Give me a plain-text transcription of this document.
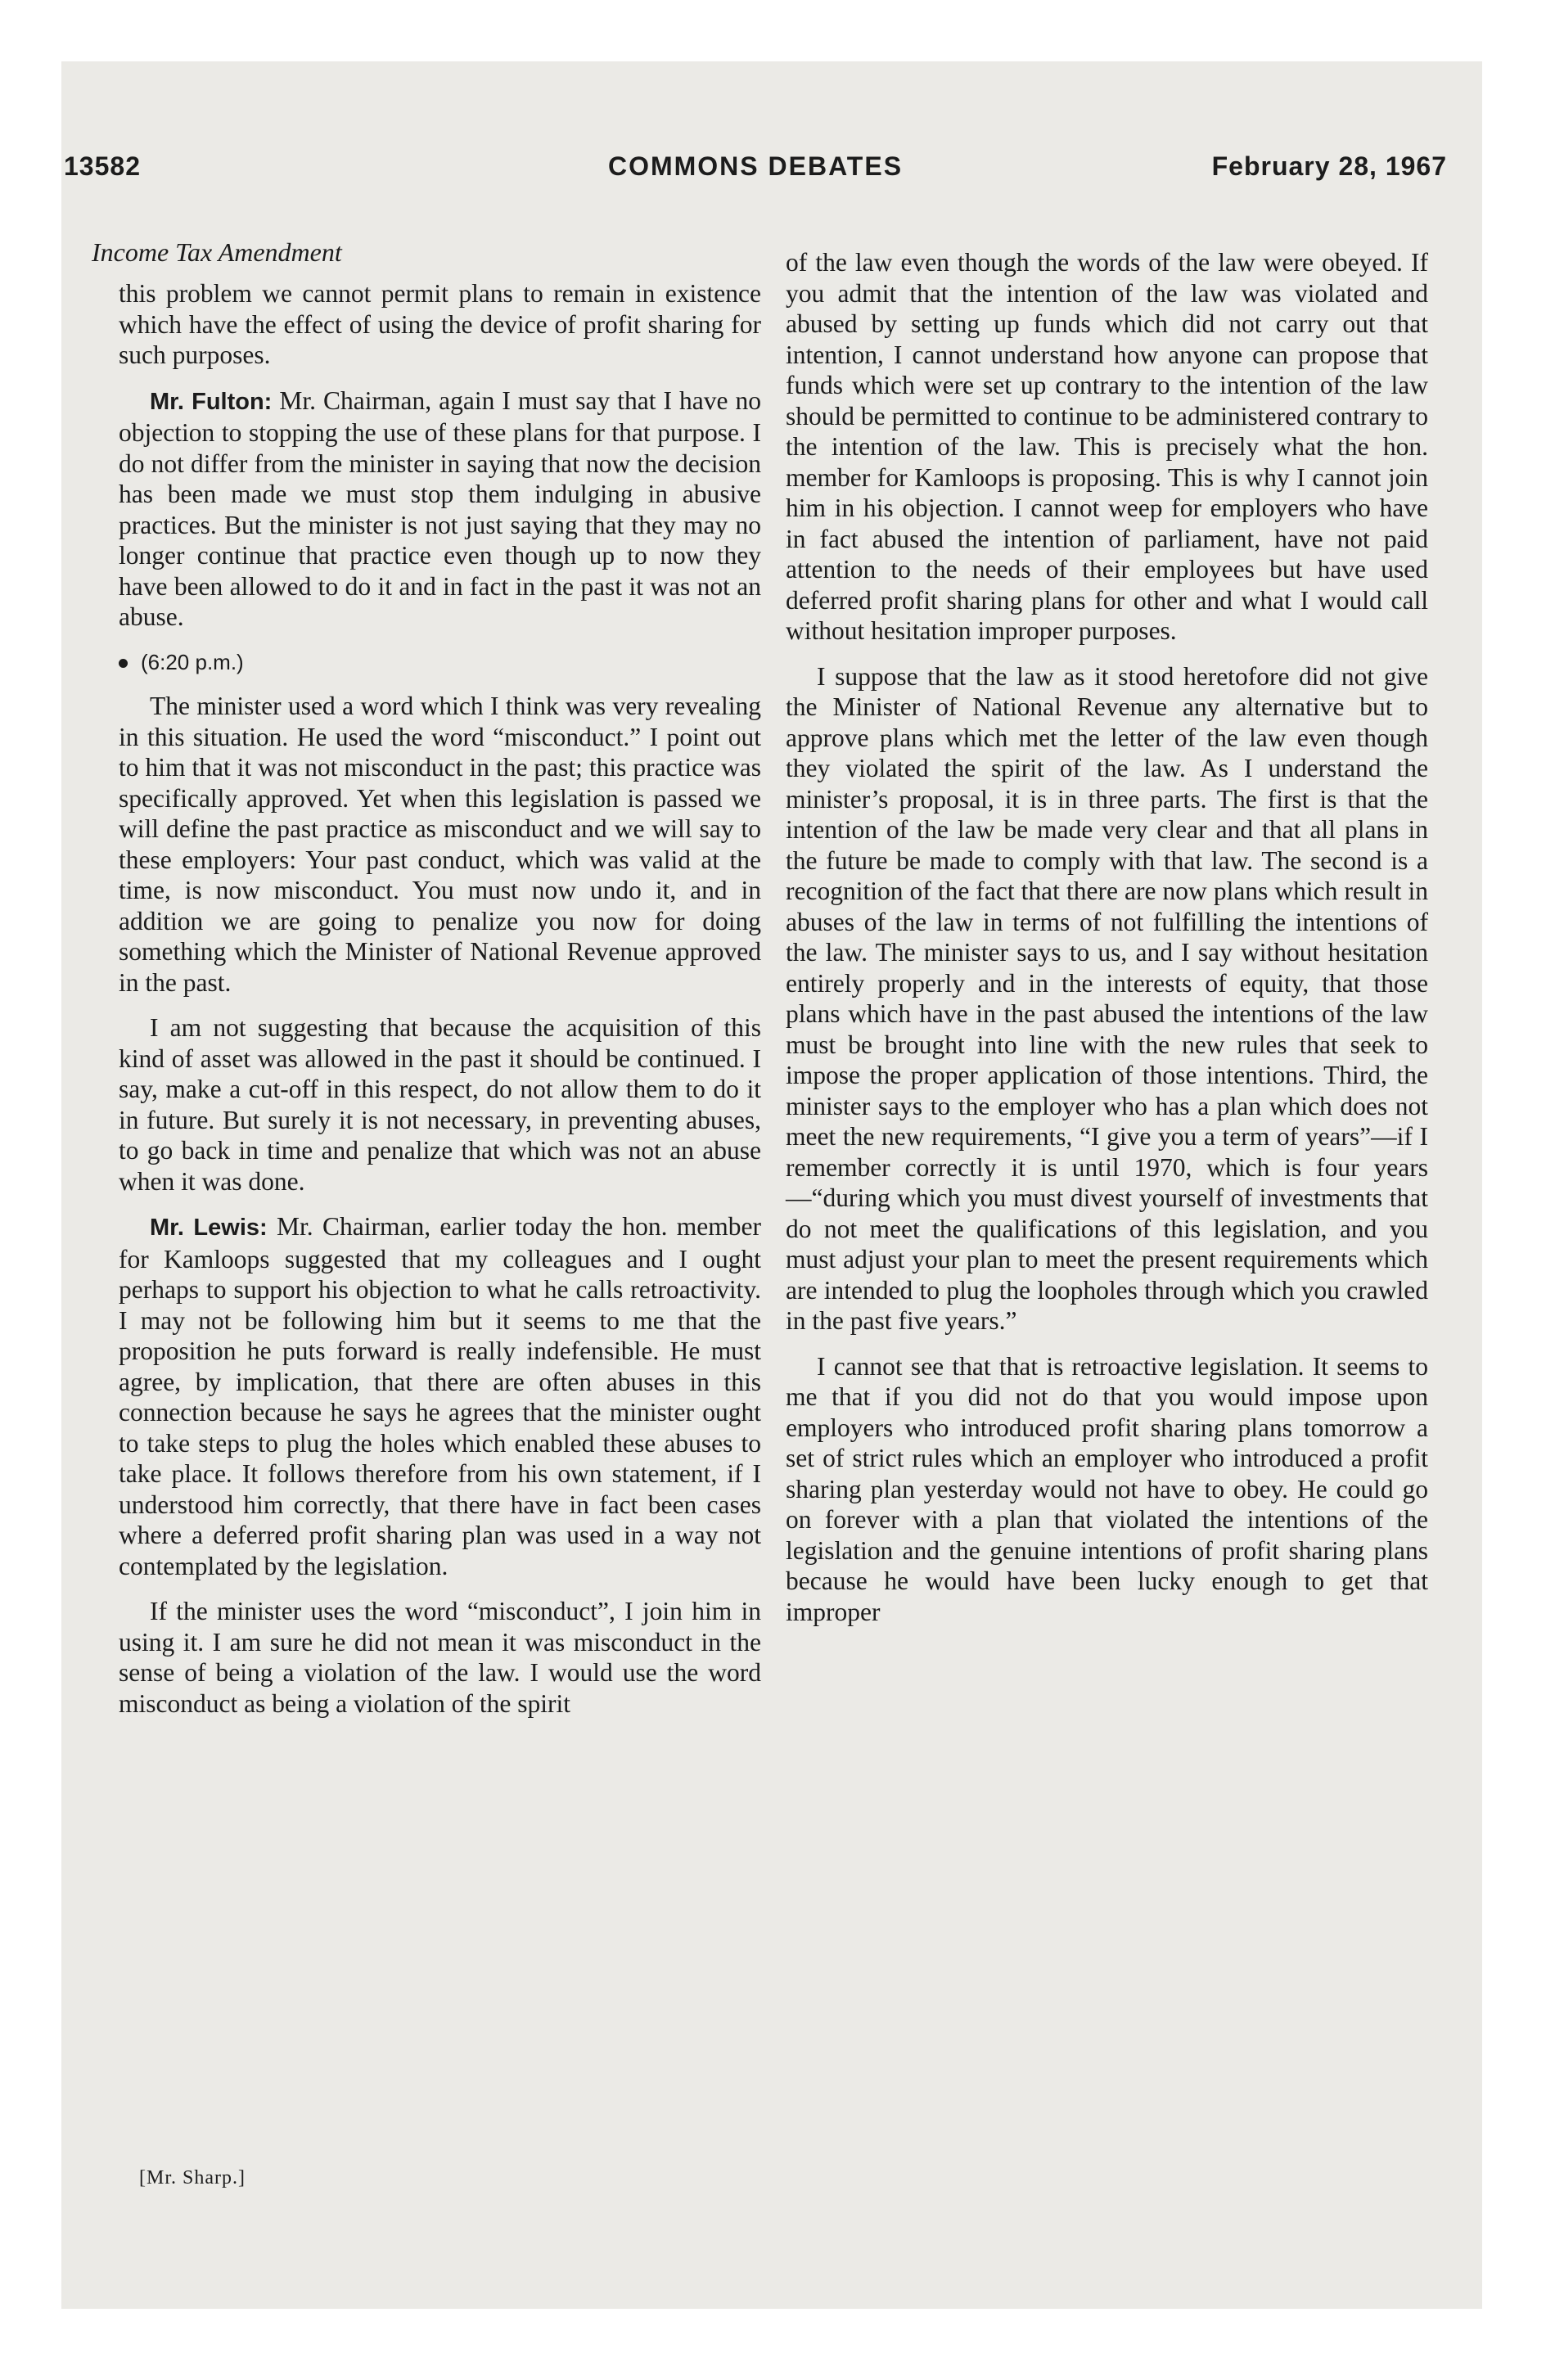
13582	COMMONS DEBATES	February 28, 1967
Income Tax Amendment

this problem we cannot permit plans to remain in existence which have the effect of using the device of profit sharing for such purposes.

Mr. Fulton: Mr. Chairman, again I must say that I have no objection to stopping the use of these plans for that purpose. I do not differ from the minister in saying that now the decision has been made we must stop them indulging in abusive practices. But the minister is not just saying that they may no longer continue that practice even though up to now they have been allowed to do it and in fact in the past it was not an abuse.

(6:20 p.m.)

The minister used a word which I think was very revealing in this situation. He used the word “misconduct.” I point out to him that it was not misconduct in the past; this practice was specifically approved. Yet when this legislation is passed we will define the past practice as misconduct and we will say to these employers: Your past conduct, which was valid at the time, is now misconduct. You must now undo it, and in addition we are going to penalize you now for doing something which the Minister of National Revenue approved in the past.

I am not suggesting that because the acquisition of this kind of asset was allowed in the past it should be continued. I say, make a cut-off in this respect, do not allow them to do it in future. But surely it is not necessary, in preventing abuses, to go back in time and penalize that which was not an abuse when it was done.

Mr. Lewis: Mr. Chairman, earlier today the hon. member for Kamloops suggested that my colleagues and I ought perhaps to support his objection to what he calls retroactivity. I may not be following him but it seems to me that the proposition he puts forward is really indefensible. He must agree, by implication, that there are often abuses in this connection because he says he agrees that the minister ought to take steps to plug the holes which enabled these abuses to take place. It follows therefore from his own statement, if I understood him correctly, that there have in fact been cases where a deferred profit sharing plan was used in a way not contemplated by the legislation.

If the minister uses the word “misconduct”, I join him in using it. I am sure he did not mean it was misconduct in the sense of being a violation of the law. I would use the word misconduct as being a violation of the spirit

of the law even though the words of the law were obeyed. If you admit that the intention of the law was violated and abused by setting up funds which did not carry out that intention, I cannot understand how anyone can propose that funds which were set up contrary to the intention of the law should be permitted to continue to be administered contrary to the intention of the law. This is precisely what the hon. member for Kamloops is proposing. This is why I cannot join him in his objection. I cannot weep for employers who have in fact abused the intention of parliament, have not paid attention to the needs of their employees but have used deferred profit sharing plans for other and what I would call without hesitation improper purposes.

I suppose that the law as it stood heretofore did not give the Minister of National Revenue any alternative but to approve plans which met the letter of the law even though they violated the spirit of the law. As I understand the minister’s proposal, it is in three parts. The first is that the intention of the law be made very clear and that all plans in the future be made to comply with that law. The second is a recognition of the fact that there are now plans which result in abuses of the law in terms of not fulfilling the intentions of the law. The minister says to us, and I say without hesitation entirely properly and in the interests of equity, that those plans which have in the past abused the intentions of the law must be brought into line with the new rules that seek to impose the proper application of those intentions. Third, the minister says to the employer who has a plan which does not meet the new requirements, “I give you a term of years”—if I remember correctly it is until 1970, which is four years —“during which you must divest yourself of investments that do not meet the qualifications of this legislation, and you must adjust your plan to meet the present requirements which are intended to plug the loopholes through which you crawled in the past five years.”

I cannot see that that is retroactive legislation. It seems to me that if you did not do that you would impose upon employers who introduced profit sharing plans tomorrow a set of strict rules which an employer who introduced a profit sharing plan yesterday would not have to obey. He could go on forever with a plan that violated the intentions of the legislation and the genuine intentions of profit sharing plans because he would have been lucky enough to get that improper

[Mr. Sharp.]
